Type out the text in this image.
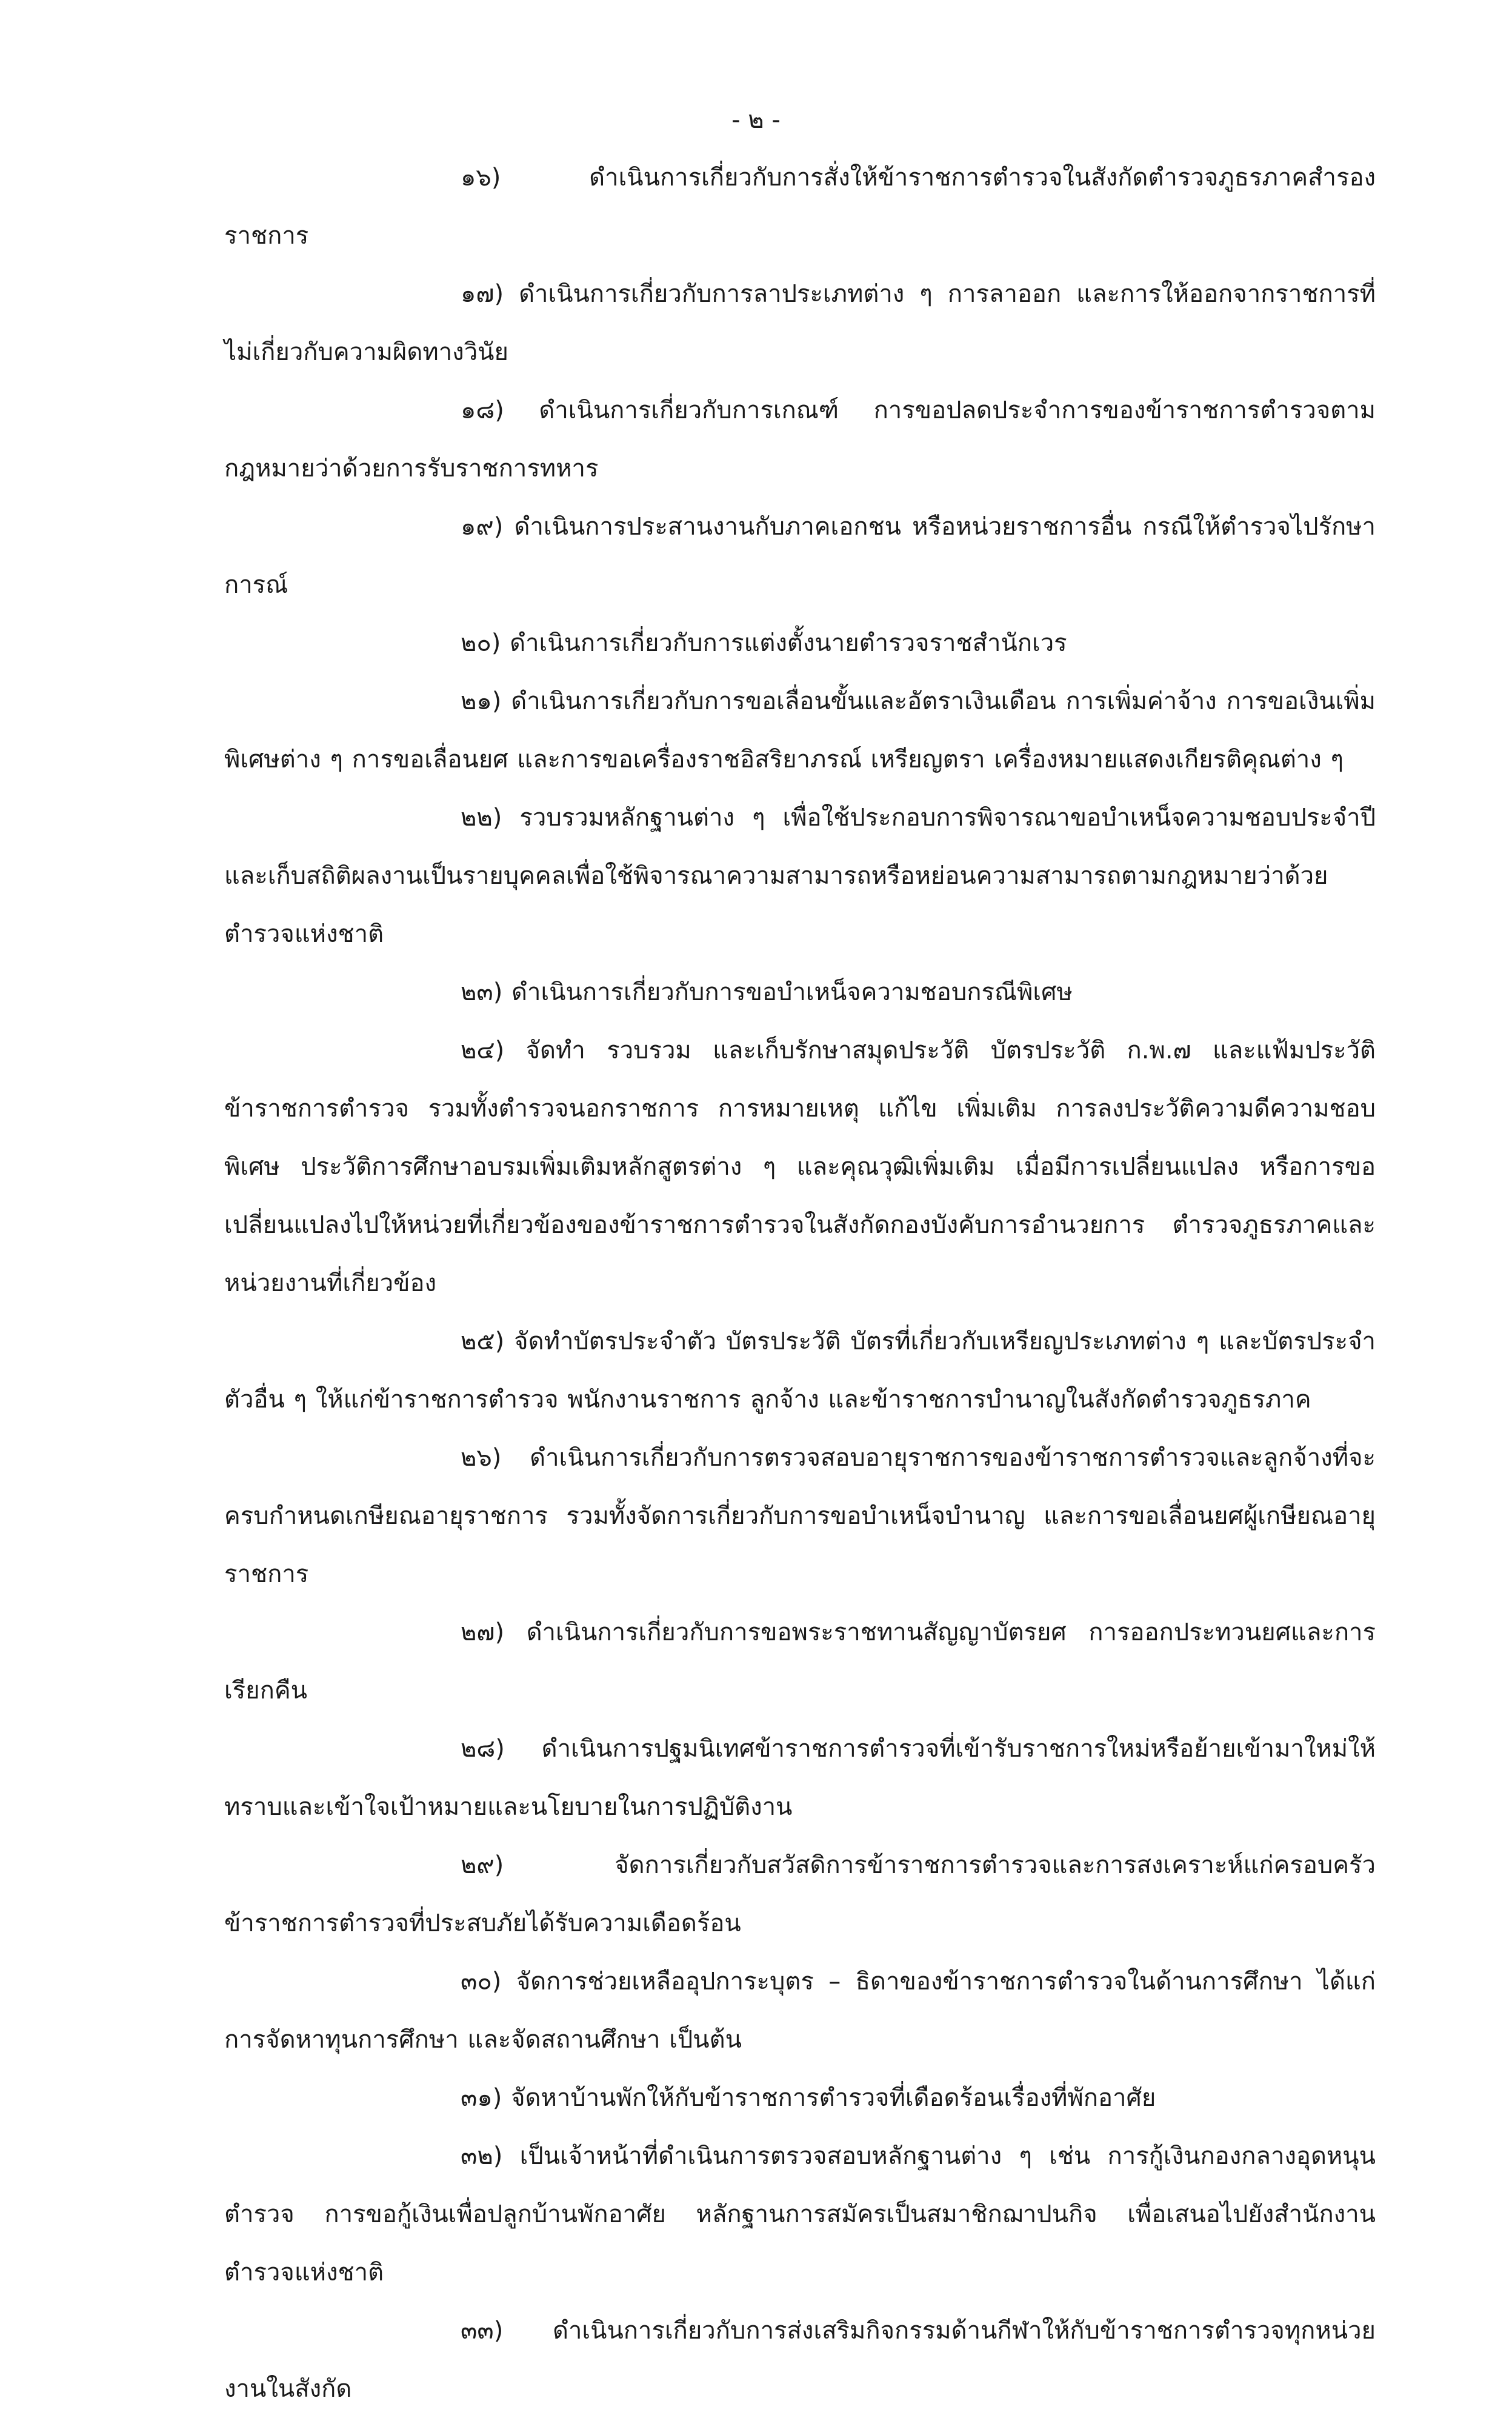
- ๒ -

๑๖)	ดำเนินการเกี่ยวกับการสั่งให้ข้าราชการตำรวจในสังกัดตำรวจภูธรภาคสำรองราชการ

๑๗) ดำเนินการเกี่ยวกับการลาประเภทต่าง ๆ การลาออก และการให้ออกจากราชการที่ไม่เกี่ยวกับความผิดทางวินัย

๑๘) ดำเนินการเกี่ยวกับการเกณฑ์ การขอปลดประจำการของข้าราชการตำรวจตามกฎหมายว่าด้วยการรับราชการทหาร

๑๙) ดำเนินการประสานงานกับภาคเอกชน หรือหน่วยราชการอื่น กรณีให้ตำรวจไปรักษาการณ์

๒๐) ดำเนินการเกี่ยวกับการแต่งตั้งนายตำรวจราชสำนักเวร

๒๑) ดำเนินการเกี่ยวกับการขอเลื่อนขั้นและอัตราเงินเดือน การเพิ่มค่าจ้าง การขอเงินเพิ่มพิเศษต่าง ๆ การขอเลื่อนยศ และการขอเครื่องราชอิสริยาภรณ์ เหรียญตรา เครื่องหมายแสดงเกียรติคุณต่าง ๆ

๒๒) รวบรวมหลักฐานต่าง ๆ เพื่อใช้ประกอบการพิจารณาขอบำเหน็จความชอบประจำปีและเก็บสถิติผลงานเป็นรายบุคคลเพื่อใช้พิจารณาความสามารถหรือหย่อนความสามารถตามกฎหมายว่าด้วยตำรวจแห่งชาติ

๒๓) ดำเนินการเกี่ยวกับการขอบำเหน็จความชอบกรณีพิเศษ

๒๔) จัดทำ รวบรวม และเก็บรักษาสมุดประวัติ บัตรประวัติ ก.พ.๗ และแฟ้มประวัติข้าราชการตำรวจ รวมทั้งตำรวจนอกราชการ การหมายเหตุ แก้ไข เพิ่มเติม การลงประวัติความดีความชอบพิเศษ ประวัติการศึกษาอบรมเพิ่มเติมหลักสูตรต่าง ๆ และคุณวุฒิเพิ่มเติม เมื่อมีการเปลี่ยนแปลง หรือการขอเปลี่ยนแปลงไปให้หน่วยที่เกี่ยวข้องของข้าราชการตำรวจในสังกัดกองบังคับการอำนวยการ ตำรวจภูธรภาคและหน่วยงานที่เกี่ยวข้อง

๒๕) จัดทำบัตรประจำตัว บัตรประวัติ บัตรที่เกี่ยวกับเหรียญประเภทต่าง ๆ และบัตรประจำตัวอื่น ๆ ให้แก่ข้าราชการตำรวจ พนักงานราชการ ลูกจ้าง และข้าราชการบำนาญในสังกัดตำรวจภูธรภาค

๒๖) ดำเนินการเกี่ยวกับการตรวจสอบอายุราชการของข้าราชการตำรวจและลูกจ้างที่จะครบกำหนดเกษียณอายุราชการ รวมทั้งจัดการเกี่ยวกับการขอบำเหน็จบำนาญ และการขอเลื่อนยศผู้เกษียณอายุราชการ

๒๗) ดำเนินการเกี่ยวกับการขอพระราชทานสัญญาบัตรยศ การออกประทวนยศและการเรียกคืน

๒๘) ดำเนินการปฐมนิเทศข้าราชการตำรวจที่เข้ารับราชการใหม่หรือย้ายเข้ามาใหม่ให้ทราบและเข้าใจเป้าหมายและนโยบายในการปฏิบัติงาน

๒๙)	จัดการเกี่ยวกับสวัสดิการข้าราชการตำรวจและการสงเคราะห์แก่ครอบครัวข้าราชการตำรวจที่ประสบภัยได้รับความเดือดร้อน

๓๐) จัดการช่วยเหลืออุปการะบุตร – ธิดาของข้าราชการตำรวจในด้านการศึกษา ได้แก่การจัดหาทุนการศึกษา และจัดสถานศึกษา เป็นต้น

๓๑) จัดหาบ้านพักให้กับข้าราชการตำรวจที่เดือดร้อนเรื่องที่พักอาศัย

๓๒) เป็นเจ้าหน้าที่ดำเนินการตรวจสอบหลักฐานต่าง ๆ เช่น การกู้เงินกองกลางอุดหนุนตำรวจ การขอกู้เงินเพื่อปลูกบ้านพักอาศัย หลักฐานการสมัครเป็นสมาชิกฌาปนกิจ เพื่อเสนอไปยังสำนักงานตำรวจแห่งชาติ

๓๓) ดำเนินการเกี่ยวกับการส่งเสริมกิจกรรมด้านกีฬาให้กับข้าราชการตำรวจทุกหน่วยงานในสังกัด
